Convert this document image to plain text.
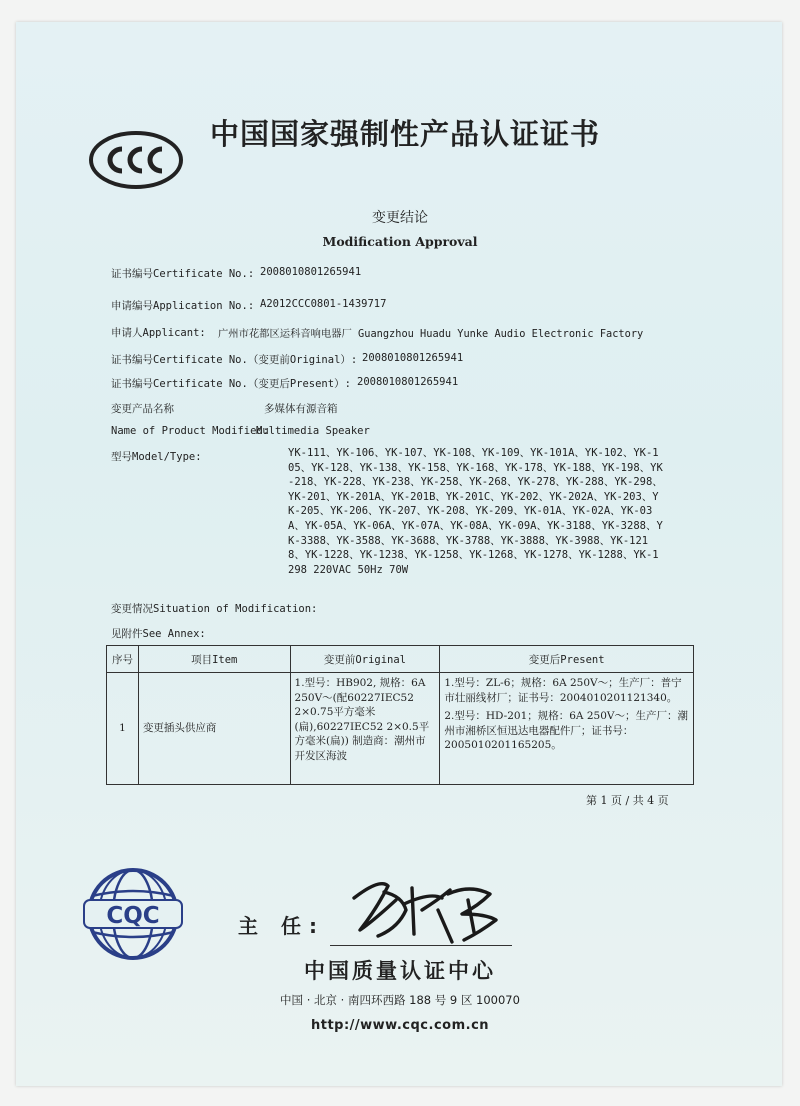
中国国家强制性产品认证证书
变更结论
Modification Approval
证书编号Certificate No.: 2008010801265941
申请编号Application No.: A2012CCC0801-1439717
申请人Applicant: 广州市花都区运科音响电器厂 Guangzhou Huadu Yunke Audio Electronic Factory
证书编号Certificate No.（变更前Original）: 2008010801265941
证书编号Certificate No.（变更后Present）: 2008010801265941
变更产品名称	多媒体有源音箱
Name of Product Modified:
Multimedia Speaker
型号Model/Type:	YK-111、YK-106、YK-107、YK-108、YK-109、YK-101A、YK-102、YK-105、YK-128、YK-138、YK-158、YK-168、YK-178、YK-188、YK-198、YK-218、YK-228、YK-238、YK-258、YK-268、YK-278、YK-288、YK-298、YK-201、YK-201A、YK-201B、YK-201C、YK-202、YK-202A、YK-203、YK-205、YK-206、YK-207、YK-208、YK-209、YK-01A、YK-02A、YK-03A、YK-05A、YK-06A、YK-07A、YK-08A、YK-09A、YK-3188、YK-3288、YK-3388、YK-3588、YK-3688、YK-3788、YK-3888、YK-3988、YK-1218、YK-1228、YK-1238、YK-1258、YK-1268、YK-1278、YK-1288、YK-1298 220VAC 50Hz 70W
变更情况Situation of Modification:
见附件See Annex:
序号	项目Item	变更前Original	变更后Present
1	变更插头供应商	1.型号：HB902, 规格：6A 250V～(配60227IEC52 2×0.75平方毫米(扁),60227IEC52 2×0.5平方毫米(扁)) 制造商：潮州市开发区海波	1.型号：ZL-6；规格：6A 250V～；生产厂：普宁市壮丽线材厂；证书号：2004010201121340。
2.型号：HD-201；规格：6A 250V～；生产厂：潮州市湘桥区恒迅达电器配件厂；证书号：2005010201165205。
第 1 页 / 共 4 页
CQC	主 任:
中国质量认证中心
中国 · 北京 · 南四环西路 188 号 9 区 100070
http://www.cqc.com.cn
